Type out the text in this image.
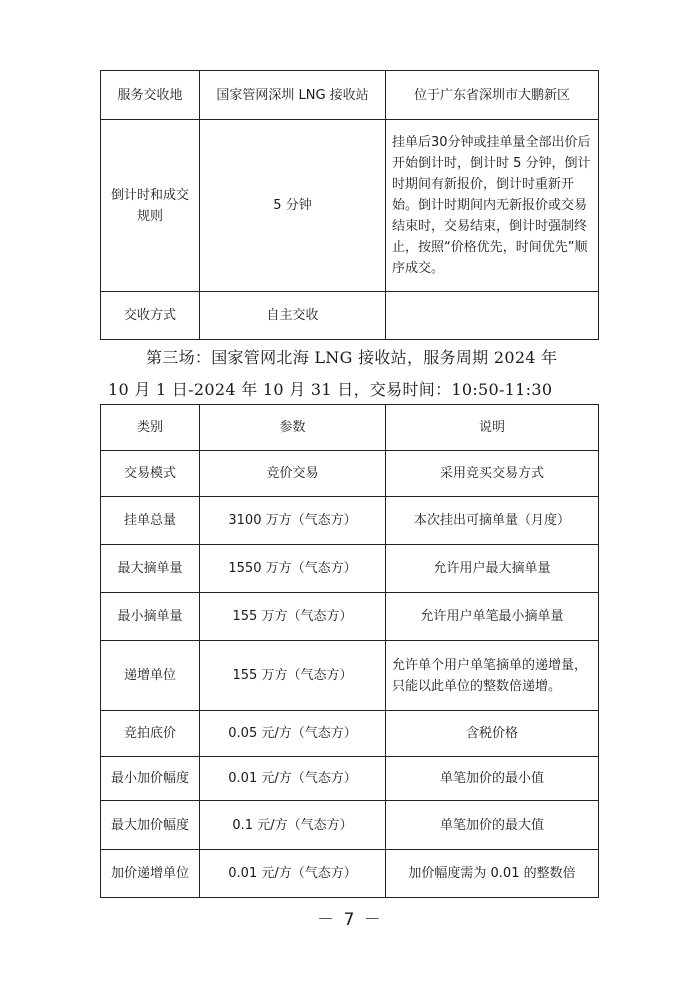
服务交收地	国家管网深圳 LNG 接收站	位于广东省深圳市大鹏新区
倒计时和成交规则	5 分钟	挂单后30分钟或挂单量全部出价后开始倒计时，倒计时 5 分钟，倒计时期间有新报价，倒计时重新开始。倒计时期间内无新报价或交易结束时，交易结束，倒计时强制终止，按照“价格优先，时间优先”顺序成交。
交收方式	自主交收	
第三场：国家管网北海 LNG 接收站，服务周期 2024 年
10 月 1 日-2024 年 10 月 31 日，交易时间：10:50-11:30
类别	参数	说明
交易模式	竞价交易	采用竞买交易方式
挂单总量	3100 万方（气态方）	本次挂出可摘单量（月度）
最大摘单量	1550 万方（气态方）	允许用户最大摘单量
最小摘单量	155 万方（气态方）	允许用户单笔最小摘单量
递增单位	155 万方（气态方）	允许单个用户单笔摘单的递增量，只能以此单位的整数倍递增。
竞拍底价	0.05 元/方（气态方）	含税价格
最小加价幅度	0.01 元/方（气态方）	单笔加价的最小值
最大加价幅度	0.1 元/方（气态方）	单笔加价的最大值
加价递增单位	0.01 元/方（气态方）	加价幅度需为 0.01 的整数倍
－ 7 －
